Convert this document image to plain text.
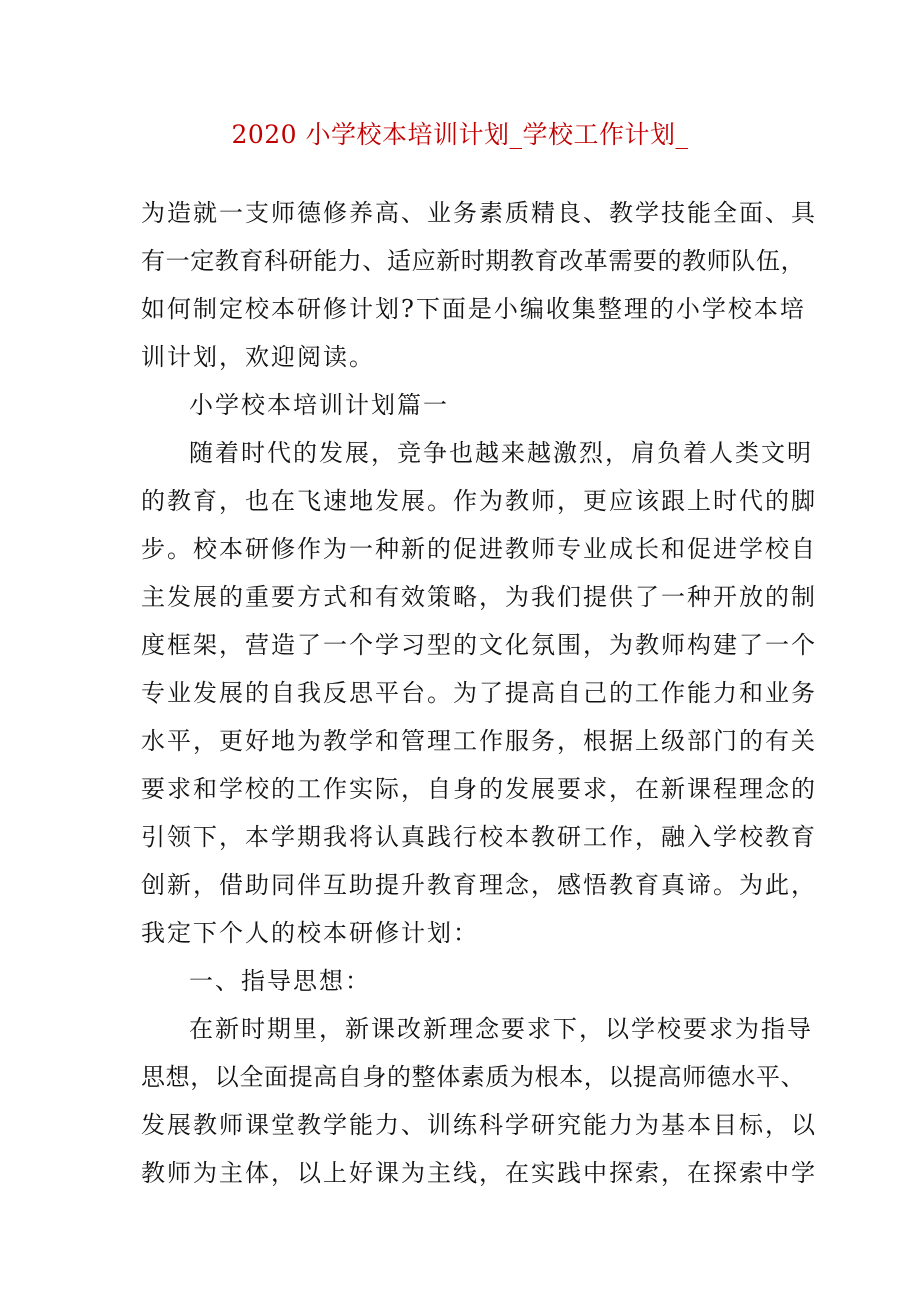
2020 小学校本培训计划_学校工作计划_
为造就一支师德修养高、业务素质精良、教学技能全面、具
有一定教育科研能力、适应新时期教育改革需要的教师队伍，
如何制定校本研修计划?下面是小编收集整理的小学校本培
训计划，欢迎阅读。
小学校本培训计划篇一
随着时代的发展，竞争也越来越激烈，肩负着人类文明
的教育，也在飞速地发展。作为教师，更应该跟上时代的脚
步。校本研修作为一种新的促进教师专业成长和促进学校自
主发展的重要方式和有效策略，为我们提供了一种开放的制
度框架，营造了一个学习型的文化氛围，为教师构建了一个
专业发展的自我反思平台。为了提高自己的工作能力和业务
水平，更好地为教学和管理工作服务，根据上级部门的有关
要求和学校的工作实际，自身的发展要求，在新课程理念的
引领下，本学期我将认真践行校本教研工作，融入学校教育
创新，借助同伴互助提升教育理念，感悟教育真谛。为此，
我定下个人的校本研修计划：
一、指导思想：
在新时期里，新课改新理念要求下，以学校要求为指导
思想，以全面提高自身的整体素质为根本，以提高师德水平、
发展教师课堂教学能力、训练科学研究能力为基本目标，以
教师为主体，以上好课为主线，在实践中探索，在探索中学
